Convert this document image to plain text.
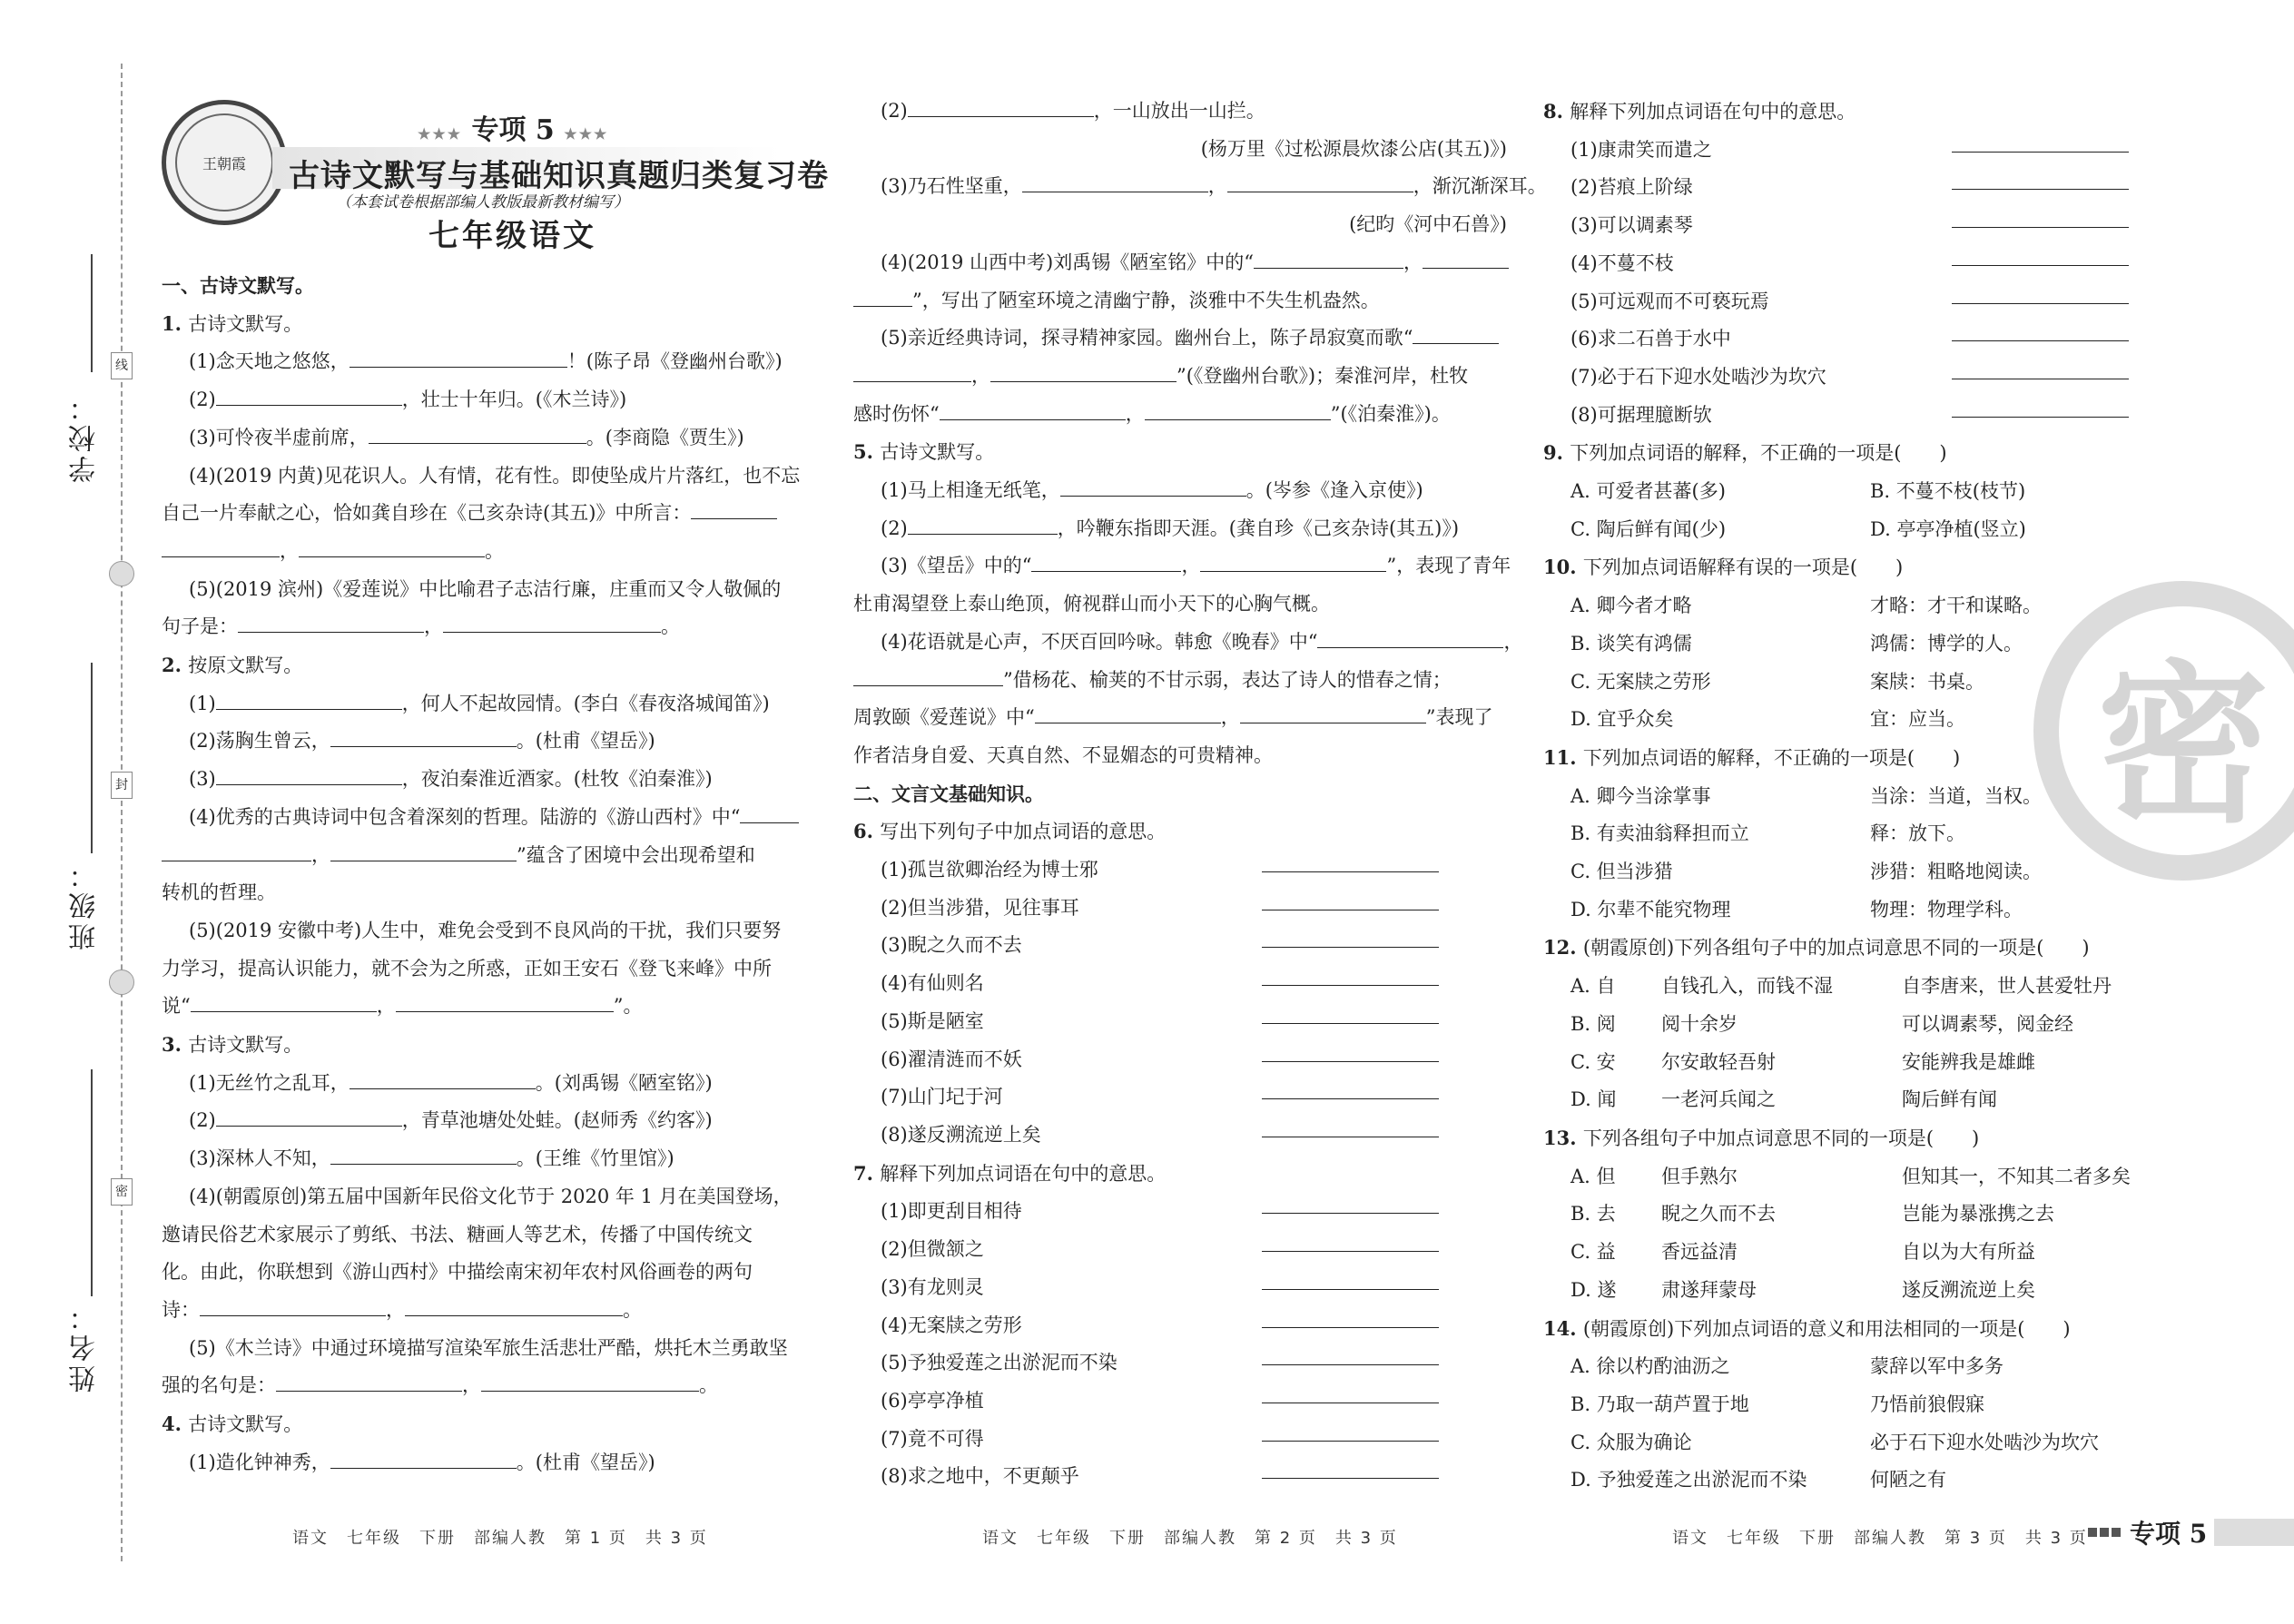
学校：
线
班级：
封
姓名：
密
王朝霞
★★★ 专项 5 ★★★
古诗文默写与基础知识真题归类复习卷
（本套试卷根据部编人教版最新教材编写）
七年级语文
一、古诗文默写。
1. 古诗文默写。
(1)念天地之悠悠，	！(陈子昂《登幽州台歌》)
(2)	，壮士十年归。(《木兰诗》)
(3)可怜夜半虚前席，	。(李商隐《贾生》)
(4)(2019 内黄)见花识人。人有情，花有性。即使坠成片片落红，也不忘
自己一片奉献之心，恰如龚自珍在《己亥杂诗(其五)》中所言：
，	。
(5)(2019 滨州)《爱莲说》中比喻君子志洁行廉，庄重而又令人敬佩的
句子是：	，	。
2. 按原文默写。
(1)	，何人不起故园情。(李白《春夜洛城闻笛》)
(2)荡胸生曾云，	。(杜甫《望岳》)
(3)	，夜泊秦淮近酒家。(杜牧《泊秦淮》)
(4)优秀的古典诗词中包含着深刻的哲理。陆游的《游山西村》中“
，	”蕴含了困境中会出现希望和
转机的哲理。
(5)(2019 安徽中考)人生中，难免会受到不良风尚的干扰，我们只要努
力学习，提高认识能力，就不会为之所惑，正如王安石《登飞来峰》中所
说“	，	”。
3. 古诗文默写。
(1)无丝竹之乱耳，	。(刘禹锡《陋室铭》)
(2)	，青草池塘处处蛙。(赵师秀《约客》)
(3)深林人不知，	。(王维《竹里馆》)
(4)(朝霞原创)第五届中国新年民俗文化节于 2020 年 1 月在美国登场，
邀请民俗艺术家展示了剪纸、书法、糖画人等艺术，传播了中国传统文
化。由此，你联想到《游山西村》中描绘南宋初年农村风俗画卷的两句
诗：	，	。
(5)《木兰诗》中通过环境描写渲染军旅生活悲壮严酷，烘托木兰勇敢坚
强的名句是：	，	。
4. 古诗文默写。
(1)造化钟神秀，	。(杜甫《望岳》)
(2)	，一山放出一山拦。
(杨万里《过松源晨炊漆公店(其五)》)
(3)乃石性坚重，	，	，渐沉渐深耳。
(纪昀《河中石兽》)
(4)(2019 山西中考)刘禹锡《陋室铭》中的“	，
”，写出了陋室环境之清幽宁静，淡雅中不失生机盎然。
(5)亲近经典诗词，探寻精神家园。幽州台上，陈子昂寂寞而歌“
，	”(《登幽州台歌》)；秦淮河岸，杜牧
感时伤怀“	，	”(《泊秦淮》)。
5. 古诗文默写。
(1)马上相逢无纸笔，	。(岑参《逢入京使》)
(2)	，吟鞭东指即天涯。(龚自珍《己亥杂诗(其五)》)
(3)《望岳》中的“	，	”，表现了青年
杜甫渴望登上泰山绝顶，俯视群山而小天下的心胸气概。
(4)花语就是心声，不厌百回吟咏。韩愈《晚春》中“	，
”借杨花、榆荚的不甘示弱，表达了诗人的惜春之情；
周敦颐《爱莲说》中“	，	”表现了
作者洁身自爱、天真自然、不显媚态的可贵精神。
二、文言文基础知识。
6. 写出下列句子中加点词语的意思。
(1)孤岂欲卿治经为博士邪
(2)但当涉猎，见往事耳
(3)睨之久而不去
(4)有仙则名
(5)斯是陋室
(6)濯清涟而不妖
(7)山门圮于河
(8)遂反溯流逆上矣
7. 解释下列加点词语在句中的意思。
(1)即更刮目相待
(2)但微颔之
(3)有龙则灵
(4)无案牍之劳形
(5)予独爱莲之出淤泥而不染
(6)亭亭净植
(7)竟不可得
(8)求之地中，不更颠乎
8. 解释下列加点词语在句中的意思。
(1)康肃笑而遣之
(2)苔痕上阶绿
(3)可以调素琴
(4)不蔓不枝
(5)可远观而不可亵玩焉
(6)求二石兽于水中
(7)必于石下迎水处啮沙为坎穴
(8)可据理臆断欤
9. 下列加点词语的解释，不正确的一项是(　　)
A. 可爱者甚蕃(多)	B. 不蔓不枝(枝节)
C. 陶后鲜有闻(少)	D. 亭亭净植(竖立)
10. 下列加点词语解释有误的一项是(　　)
A. 卿今者才略	才略：才干和谋略。
B. 谈笑有鸿儒	鸿儒：博学的人。
C. 无案牍之劳形	案牍：书桌。
D. 宜乎众矣	宜：应当。
11. 下列加点词语的解释，不正确的一项是(　　)
A. 卿今当涂掌事	当涂：当道，当权。
B. 有卖油翁释担而立	释：放下。
C. 但当涉猎	涉猎：粗略地阅读。
D. 尔辈不能究物理	物理：物理学科。
12. (朝霞原创)下列各组句子中的加点词意思不同的一项是(　　)
A. 自	自钱孔入，而钱不湿	自李唐来，世人甚爱牡丹
B. 阅	阅十余岁	可以调素琴，阅金经
C. 安	尔安敢轻吾射	安能辨我是雄雌
D. 闻	一老河兵闻之	陶后鲜有闻
13. 下列各组句子中加点词意思不同的一项是(　　)
A. 但	但手熟尔	但知其一，不知其二者多矣
B. 去	睨之久而不去	岂能为暴涨携之去
C. 益	香远益清	自以为大有所益
D. 遂	肃遂拜蒙母	遂反溯流逆上矣
14. (朝霞原创)下列加点词语的意义和用法相同的一项是(　　)
A. 徐以杓酌油沥之	蒙辞以军中多务
B. 乃取一葫芦置于地	乃悟前狼假寐
C. 众服为确论	必于石下迎水处啮沙为坎穴
D. 予独爱莲之出淤泥而不染	何陋之有
密
语文　七年级　下册　部编人教　第 1 页　共 3 页	语文　七年级　下册　部编人教　第 2 页　共 3 页	语文　七年级　下册　部编人教　第 3 页　共 3 页 专项 5
